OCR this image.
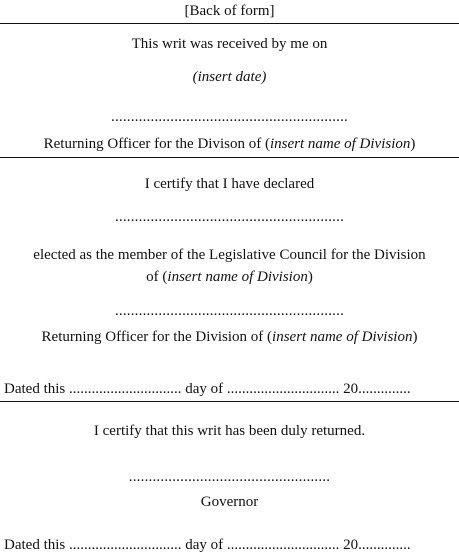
[Back of form]
This writ was received by me on
(insert date)
............................................................
Returning Officer for the Divison of (insert name of Division)
I certify that I have declared
..........................................................
elected as the member of the Legislative Council for the Division
of (insert name of Division)
..........................................................
Returning Officer for the Division of (insert name of Division)
Dated this .............................. day of .............................. 20..............
I certify that this writ has been duly returned.
...................................................
Governor
Dated this .............................. day of .............................. 20..............
